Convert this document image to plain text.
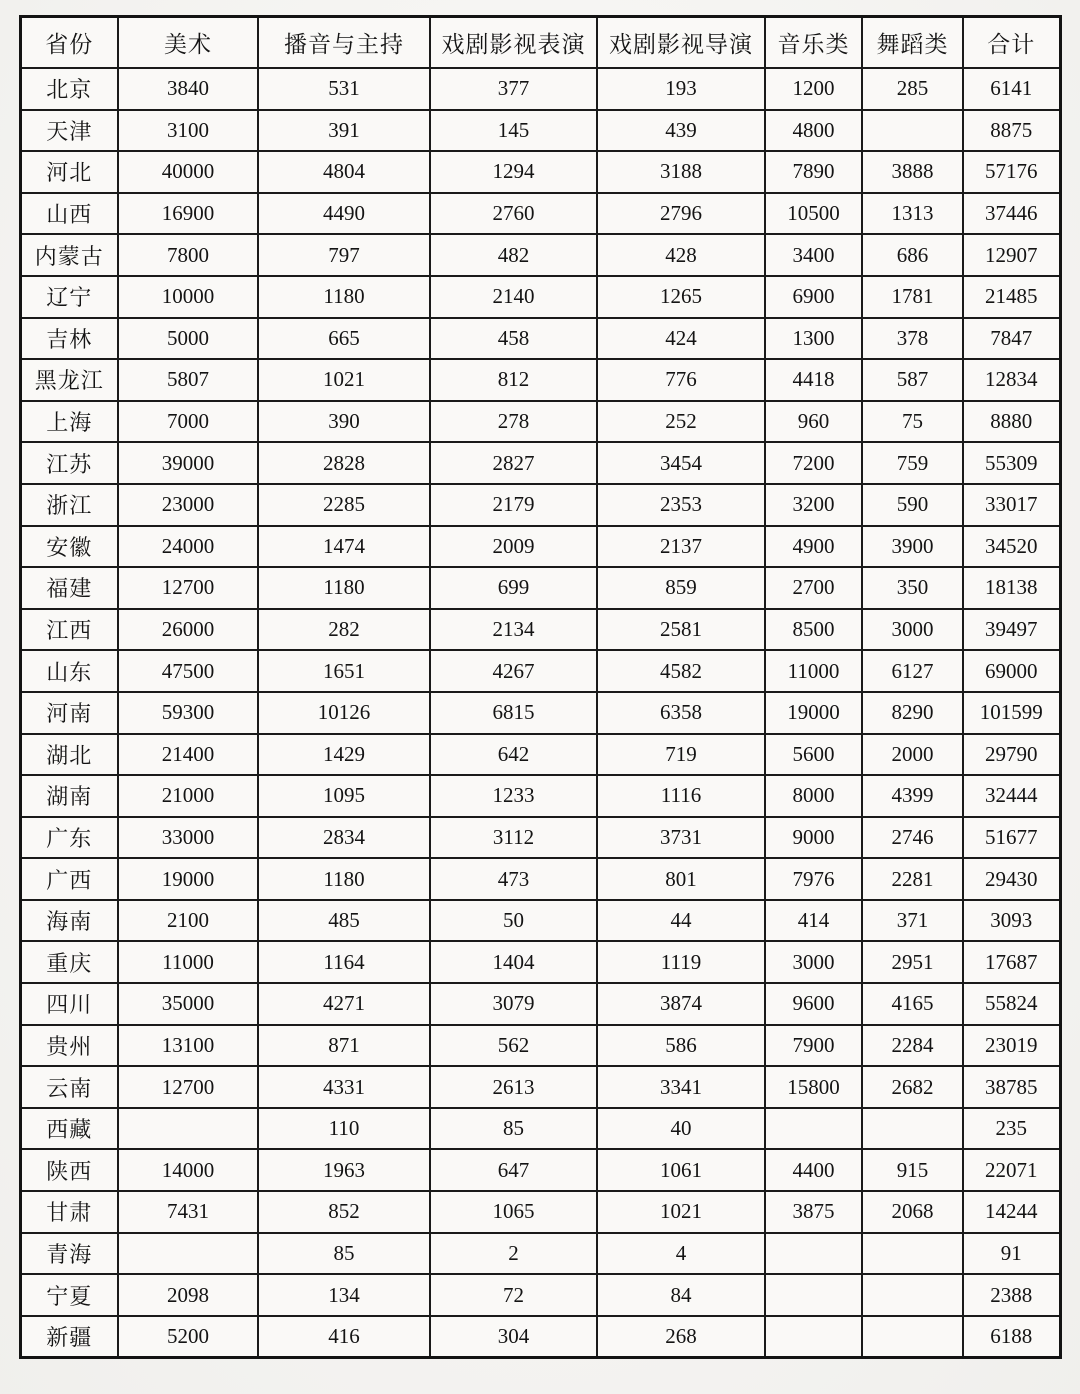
省份	美术	播音与主持	戏剧影视表演	戏剧影视导演	音乐类	舞蹈类	合计
北京	3840	531	377	193	1200	285	6141
天津	3100	391	145	439	4800		8875
河北	40000	4804	1294	3188	7890	3888	57176
山西	16900	4490	2760	2796	10500	1313	37446
内蒙古	7800	797	482	428	3400	686	12907
辽宁	10000	1180	2140	1265	6900	1781	21485
吉林	5000	665	458	424	1300	378	7847
黑龙江	5807	1021	812	776	4418	587	12834
上海	7000	390	278	252	960	75	8880
江苏	39000	2828	2827	3454	7200	759	55309
浙江	23000	2285	2179	2353	3200	590	33017
安徽	24000	1474	2009	2137	4900	3900	34520
福建	12700	1180	699	859	2700	350	18138
江西	26000	282	2134	2581	8500	3000	39497
山东	47500	1651	4267	4582	11000	6127	69000
河南	59300	10126	6815	6358	19000	8290	101599
湖北	21400	1429	642	719	5600	2000	29790
湖南	21000	1095	1233	1116	8000	4399	32444
广东	33000	2834	3112	3731	9000	2746	51677
广西	19000	1180	473	801	7976	2281	29430
海南	2100	485	50	44	414	371	3093
重庆	11000	1164	1404	1119	3000	2951	17687
四川	35000	4271	3079	3874	9600	4165	55824
贵州	13100	871	562	586	7900	2284	23019
云南	12700	4331	2613	3341	15800	2682	38785
西藏		110	85	40			235
陕西	14000	1963	647	1061	4400	915	22071
甘肃	7431	852	1065	1021	3875	2068	14244
青海		85	2	4			91
宁夏	2098	134	72	84			2388
新疆	5200	416	304	268			6188
